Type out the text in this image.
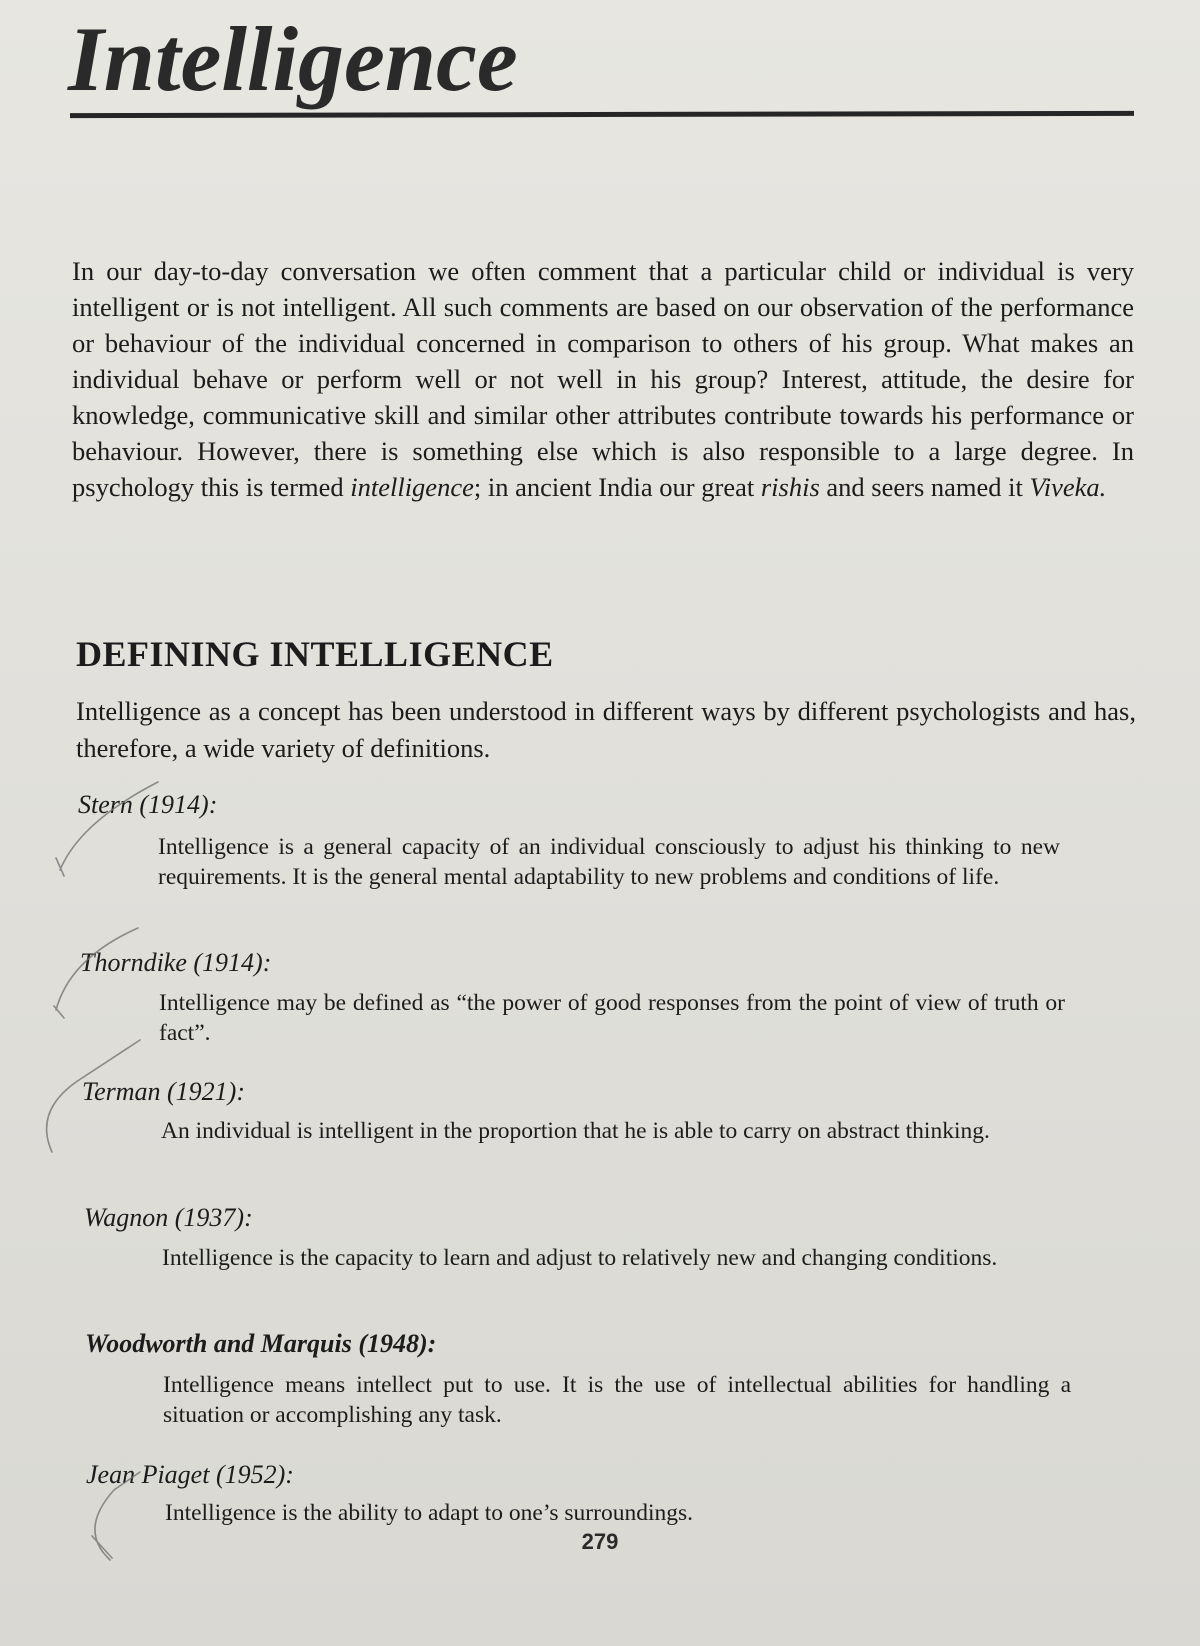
Intelligence

In our day-to-day conversation we often comment that a particular child or individual is very intelligent or is not intelligent. All such comments are based on our observation of the performance or behaviour of the individual concerned in comparison to others of his group. What makes an individual behave or perform well or not well in his group? Interest, attitude, the desire for knowledge, communicative skill and similar other attributes contribute towards his performance or behaviour. However, there is something else which is also responsible to a large degree. In psychology this is termed intelligence; in ancient India our great rishis and seers named it Viveka.

DEFINING INTELLIGENCE

Intelligence as a concept has been understood in different ways by different psychologists and has, therefore, a wide variety of definitions.

Stern (1914):

Intelligence is a general capacity of an individual consciously to adjust his thinking to new requirements. It is the general mental adaptability to new problems and conditions of life.

Thorndike (1914):

Intelligence may be defined as “the power of good responses from the point of view of truth or fact”.

Terman (1921):

An individual is intelligent in the proportion that he is able to carry on abstract thinking.

Wagnon (1937):

Intelligence is the capacity to learn and adjust to relatively new and changing conditions.

Woodworth and Marquis (1948):

Intelligence means intellect put to use. It is the use of intellectual abilities for handling a situation or accomplishing any task.

Jean Piaget (1952):

Intelligence is the ability to adapt to one’s surroundings.

279
